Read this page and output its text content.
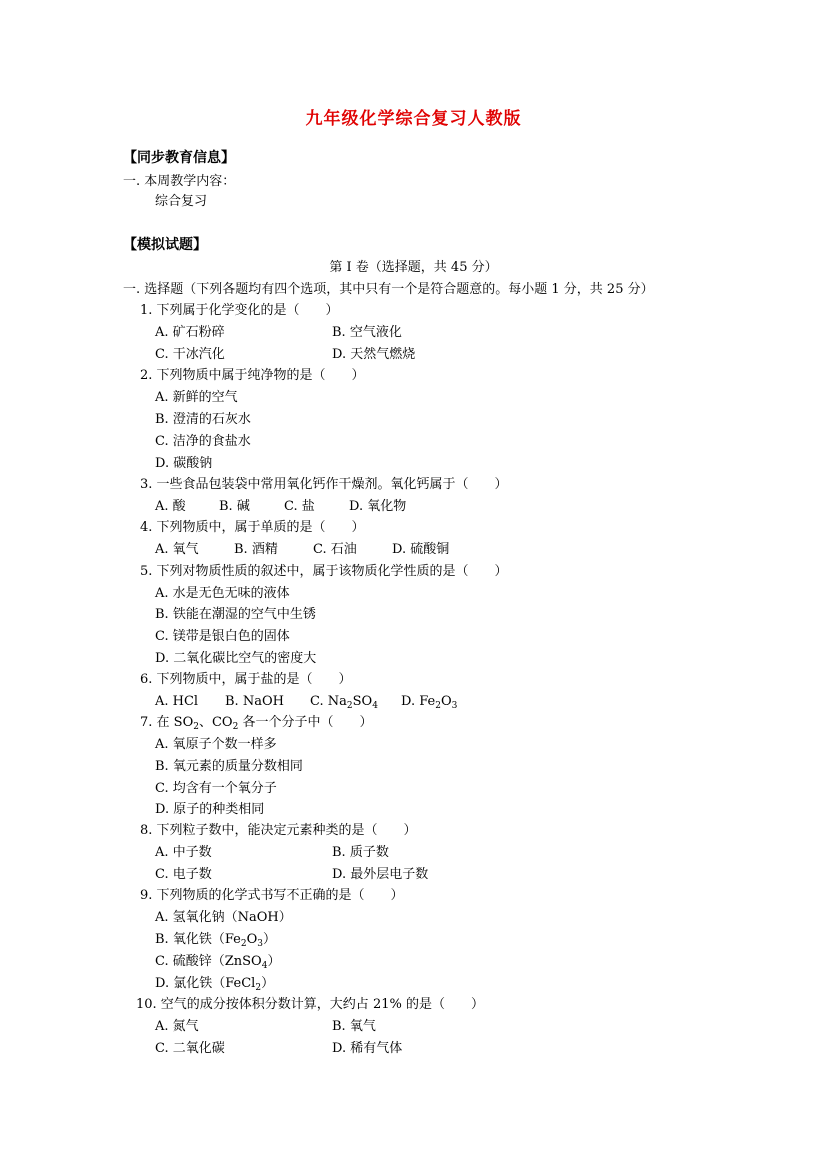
九年级化学综合复习人教版
【同步教育信息】
一. 本周教学内容：
综合复习
【模拟试题】
第 I 卷（选择题，共 45 分）
一. 选择题（下列各题均有四个选项，其中只有一个是符合题意的。每小题 1 分，共 25 分）
1. 下列属于化学变化的是（　　）
A. 矿石粉碎	B. 空气液化
C. 干冰汽化	D. 天然气燃烧
2. 下列物质中属于纯净物的是（　　）
A. 新鲜的空气
B. 澄清的石灰水
C. 洁净的食盐水
D. 碳酸钠
3. 一些食品包装袋中常用氧化钙作干燥剂。氧化钙属于（　　）
A. 酸	B. 碱	C. 盐	D. 氧化物
4. 下列物质中，属于单质的是（　　）
A. 氧气	B. 酒精	C. 石油	D. 硫酸铜
5. 下列对物质性质的叙述中，属于该物质化学性质的是（　　）
A. 水是无色无味的液体
B. 铁能在潮湿的空气中生锈
C. 镁带是银白色的固体
D. 二氧化碳比空气的密度大
6. 下列物质中，属于盐的是（　　）
A. HCl B. NaOH C. $Na_2SO_4$ D. $Fe_2O_3$
7. 在 $SO_2$、$CO_2$ 各一个分子中（　　）
A. 氧原子个数一样多
B. 氧元素的质量分数相同
C. 均含有一个氧分子
D. 原子的种类相同
8. 下列粒子数中，能决定元素种类的是（　　）
A. 中子数	B. 质子数
C. 电子数	D. 最外层电子数
9. 下列物质的化学式书写不正确的是（　　）
A. 氢氧化钠（NaOH）
B. 氧化铁$(Fe_2O_3)$
C. 硫酸锌（ZnSO$_4$）
D. 氯化铁（FeCl$_2$）
10. 空气的成分按体积分数计算，大约占 21% 的是（　　）
A. 氮气	B. 氧气
C. 二氧化碳	D. 稀有气体
